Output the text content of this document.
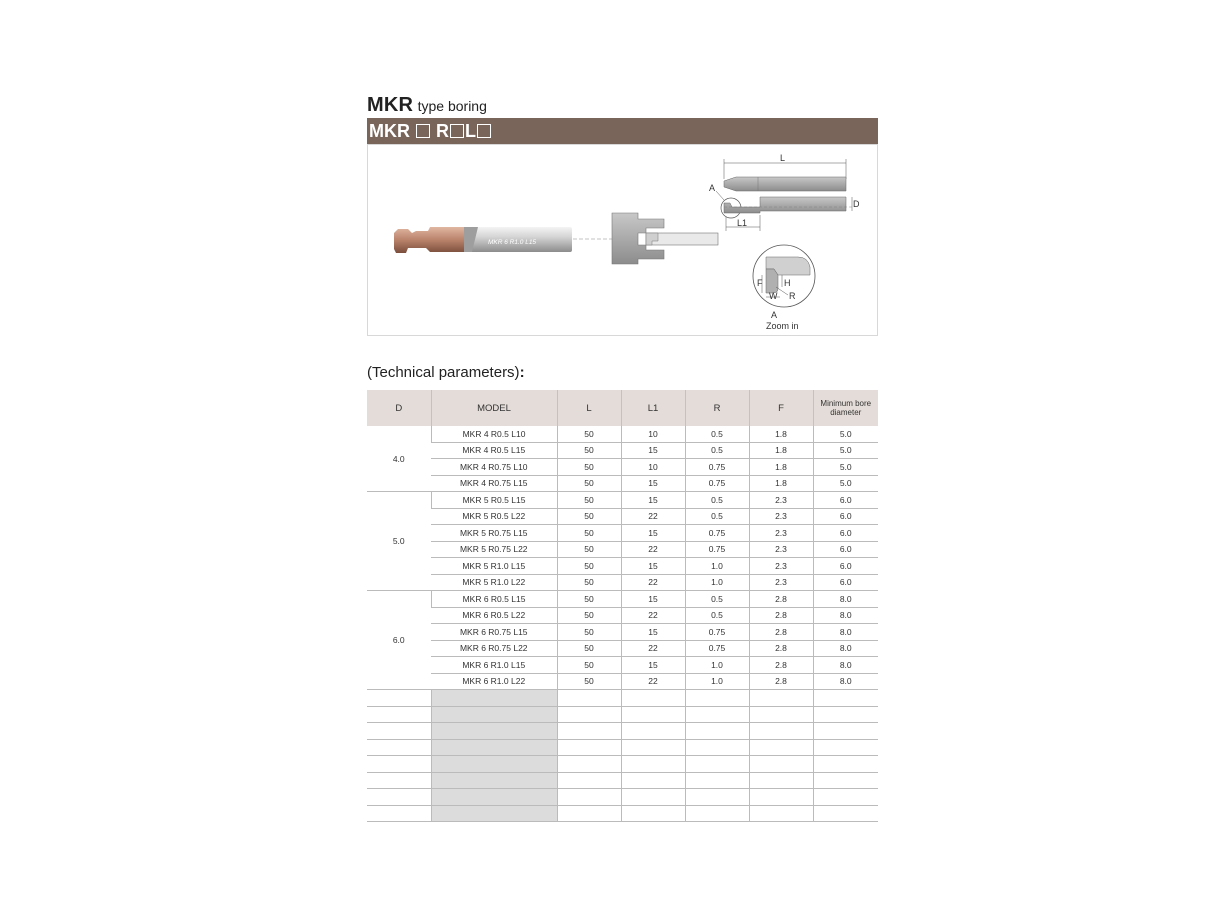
MKR type boring
MKR R L
MKR 6 R1.0 L15
L
A
D
L1
F H
W R
A
Zoom in
(Technical parameters):
D	MODEL	L	L1	R	F	Minimum bore diameter
4.0	MKR 4 R0.5 L10	50	10	0.5	1.8	5.0
	MKR 4 R0.5 L15	50	15	0.5	1.8	5.0
	MKR 4 R0.75 L10	50	10	0.75	1.8	5.0
	MKR 4 R0.75 L15	50	15	0.75	1.8	5.0
5.0	MKR 5 R0.5 L15	50	15	0.5	2.3	6.0
	MKR 5 R0.5 L22	50	22	0.5	2.3	6.0
	MKR 5 R0.75 L15	50	15	0.75	2.3	6.0
	MKR 5 R0.75 L22	50	22	0.75	2.3	6.0
	MKR 5 R1.0 L15	50	15	1.0	2.3	6.0
	MKR 5 R1.0 L22	50	22	1.0	2.3	6.0
6.0	MKR 6 R0.5 L15	50	15	0.5	2.8	8.0
	MKR 6 R0.5 L22	50	22	0.5	2.8	8.0
	MKR 6 R0.75 L15	50	15	0.75	2.8	8.0
	MKR 6 R0.75 L22	50	22	0.75	2.8	8.0
	MKR 6 R1.0 L15	50	15	1.0	2.8	8.0
	MKR 6 R1.0 L22	50	22	1.0	2.8	8.0
